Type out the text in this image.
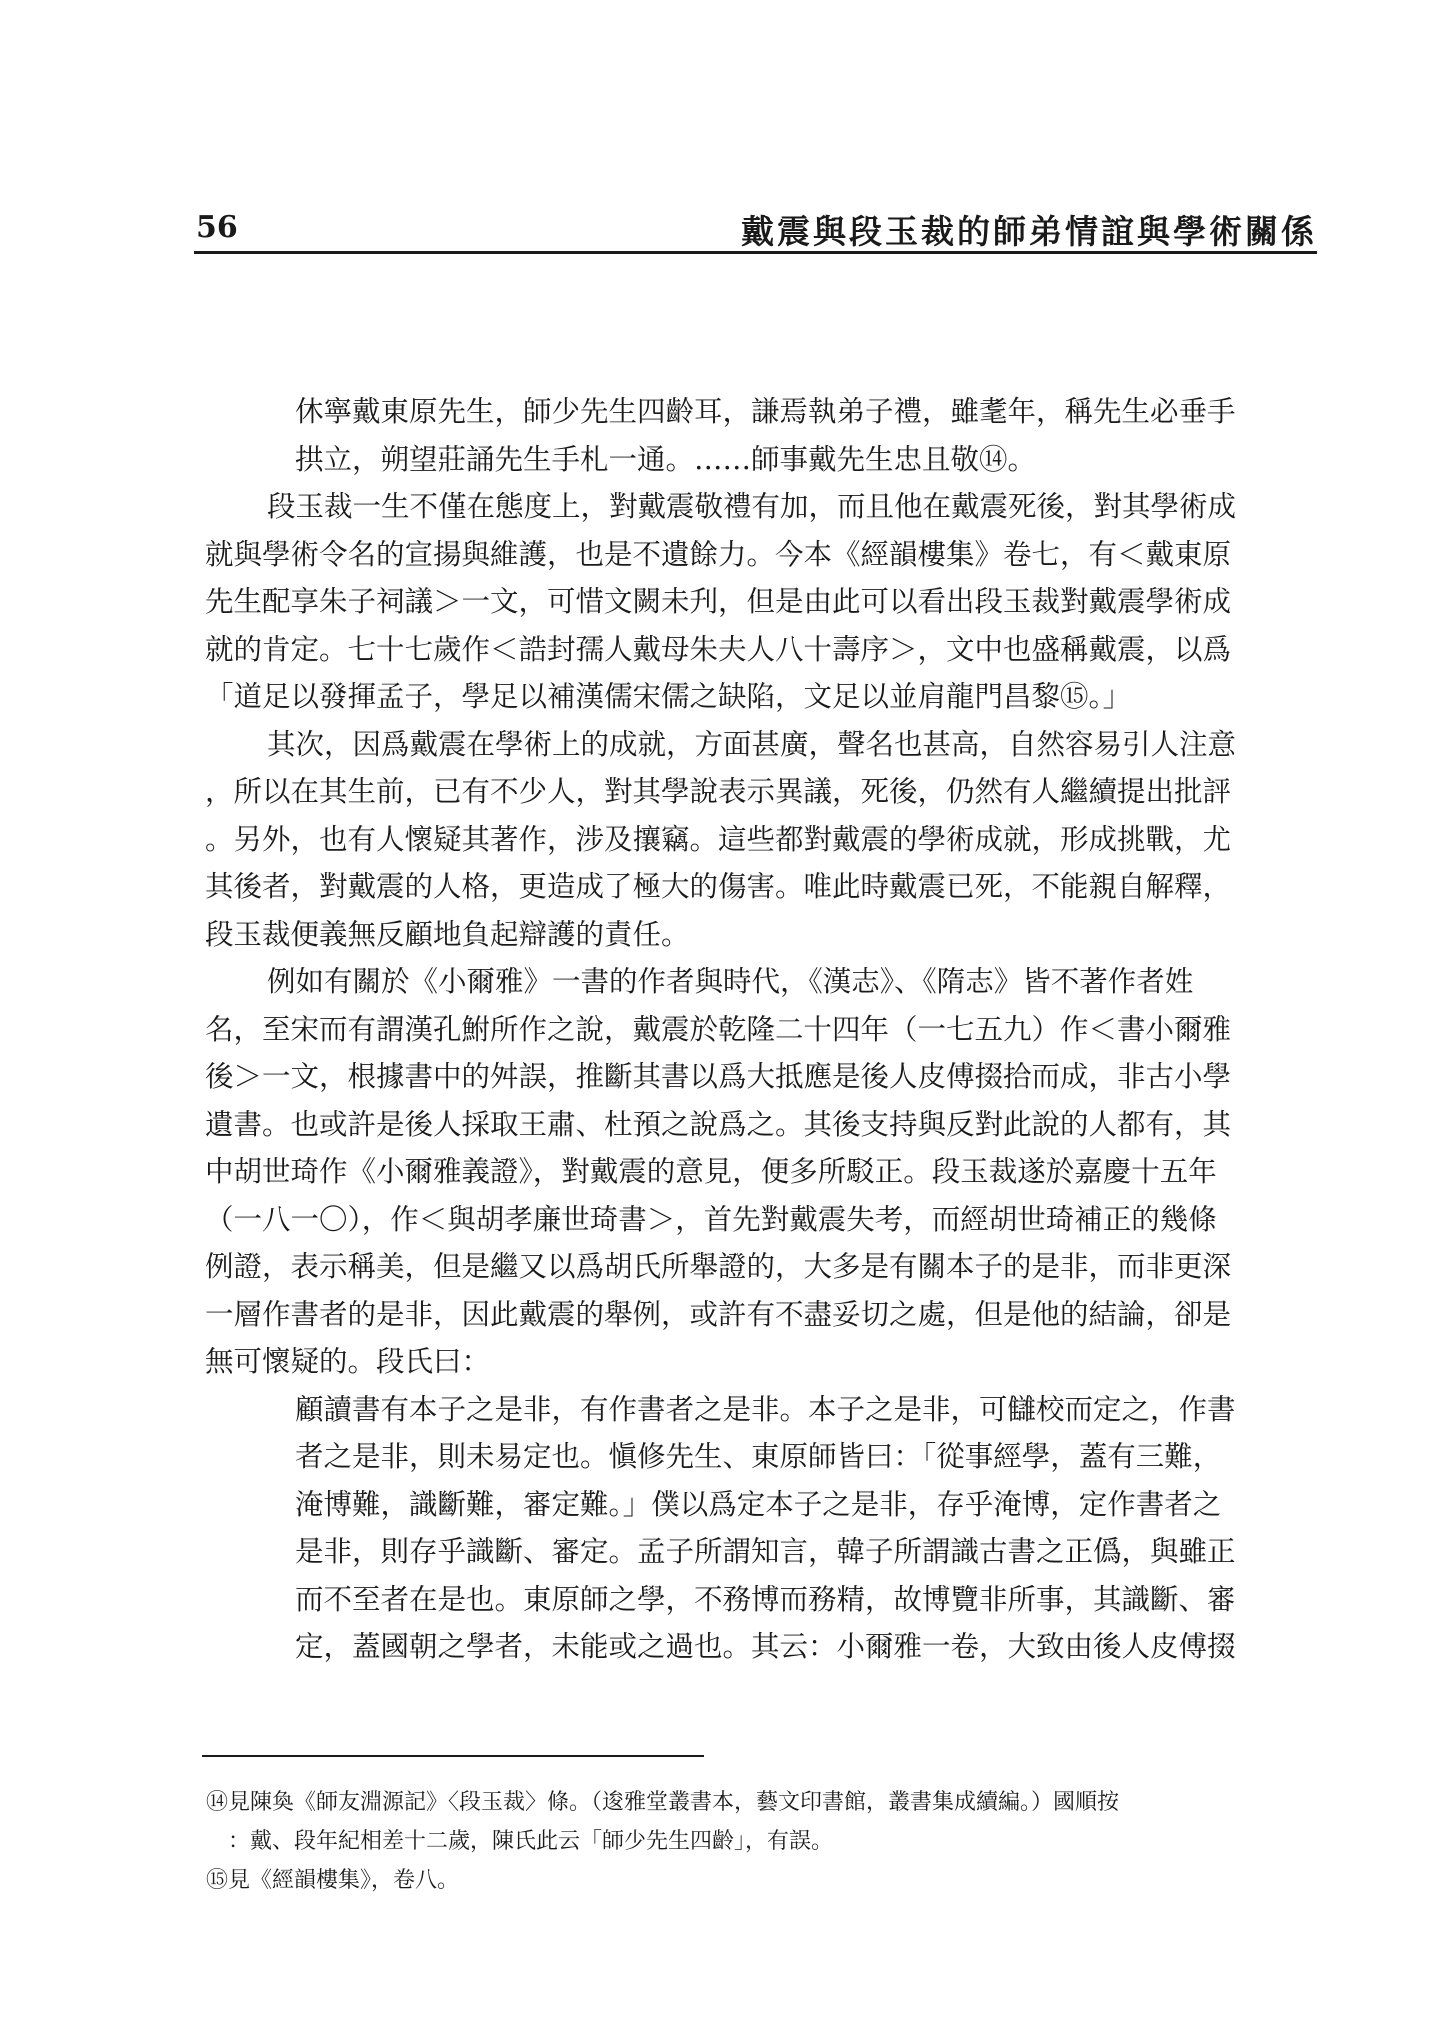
56	戴震與段玉裁的師弟情誼與學術關係
休寧戴東原先生，師少先生四齡耳，謙焉執弟子禮，雖耄年，稱先生必垂手
拱立，朔望莊誦先生手札一通。……師事戴先生忠且敬⑭。
段玉裁一生不僅在態度上，對戴震敬禮有加，而且他在戴震死後，對其學術成
就與學術令名的宣揚與維護，也是不遺餘力。今本《經韻樓集》卷七，有＜戴東原
先生配享朱子祠議＞一文，可惜文闕未刋，但是由此可以看出段玉裁對戴震學術成
就的肯定。七十七歲作＜誥封孺人戴母朱夫人八十壽序＞，文中也盛稱戴震，以爲
「道足以發揮孟子，學足以補漢儒宋儒之缺陷，文足以並肩龍門昌黎⑮。」
其次，因爲戴震在學術上的成就，方面甚廣，聲名也甚高，自然容易引人注意
，所以在其生前，已有不少人，對其學說表示異議，死後，仍然有人繼續提出批評
。另外，也有人懷疑其著作，涉及攘竊。這些都對戴震的學術成就，形成挑戰，尤
其後者，對戴震的人格，更造成了極大的傷害。唯此時戴震已死，不能親自解釋，
段玉裁便義無反顧地負起辯護的責任。
例如有關於《小爾雅》一書的作者與時代，《漢志》、《隋志》皆不著作者姓
名，至宋而有謂漢孔鮒所作之說，戴震於乾隆二十四年（一七五九）作＜書小爾雅
後＞一文，根據書中的舛誤，推斷其書以爲大抵應是後人皮傅掇拾而成，非古小學
遺書。也或許是後人採取王肅、杜預之說爲之。其後支持與反對此說的人都有，其
中胡世琦作《小爾雅義證》，對戴震的意見，便多所駁正。段玉裁遂於嘉慶十五年
（一八一〇），作＜與胡孝廉世琦書＞，首先對戴震失考，而經胡世琦補正的幾條
例證，表示稱美，但是繼又以爲胡氏所舉證的，大多是有關本子的是非，而非更深
一層作書者的是非，因此戴震的舉例，或許有不盡妥切之處，但是他的結論，卻是
無可懷疑的。段氏曰：
顧讀書有本子之是非，有作書者之是非。本子之是非，可讎校而定之，作書
者之是非，則未易定也。愼修先生、東原師皆曰：「從事經學，蓋有三難，
淹博難，識斷難，審定難。」僕以爲定本子之是非，存乎淹博，定作書者之
是非，則存乎識斷、審定。孟子所謂知言，韓子所謂識古書之正僞，與雖正
而不至者在是也。東原師之學，不務博而務精，故博覽非所事，其識斷、審
定，蓋國朝之學者，未能或之過也。其云：小爾雅一卷，大致由後人皮傅掇
⑭見陳奐《師友淵源記》〈段玉裁〉條。（逡雅堂叢書本，藝文印書館，叢書集成續編。）國順按
：戴、段年紀相差十二歲，陳氏此云「師少先生四齡」，有誤。
⑮見《經韻樓集》，卷八。
